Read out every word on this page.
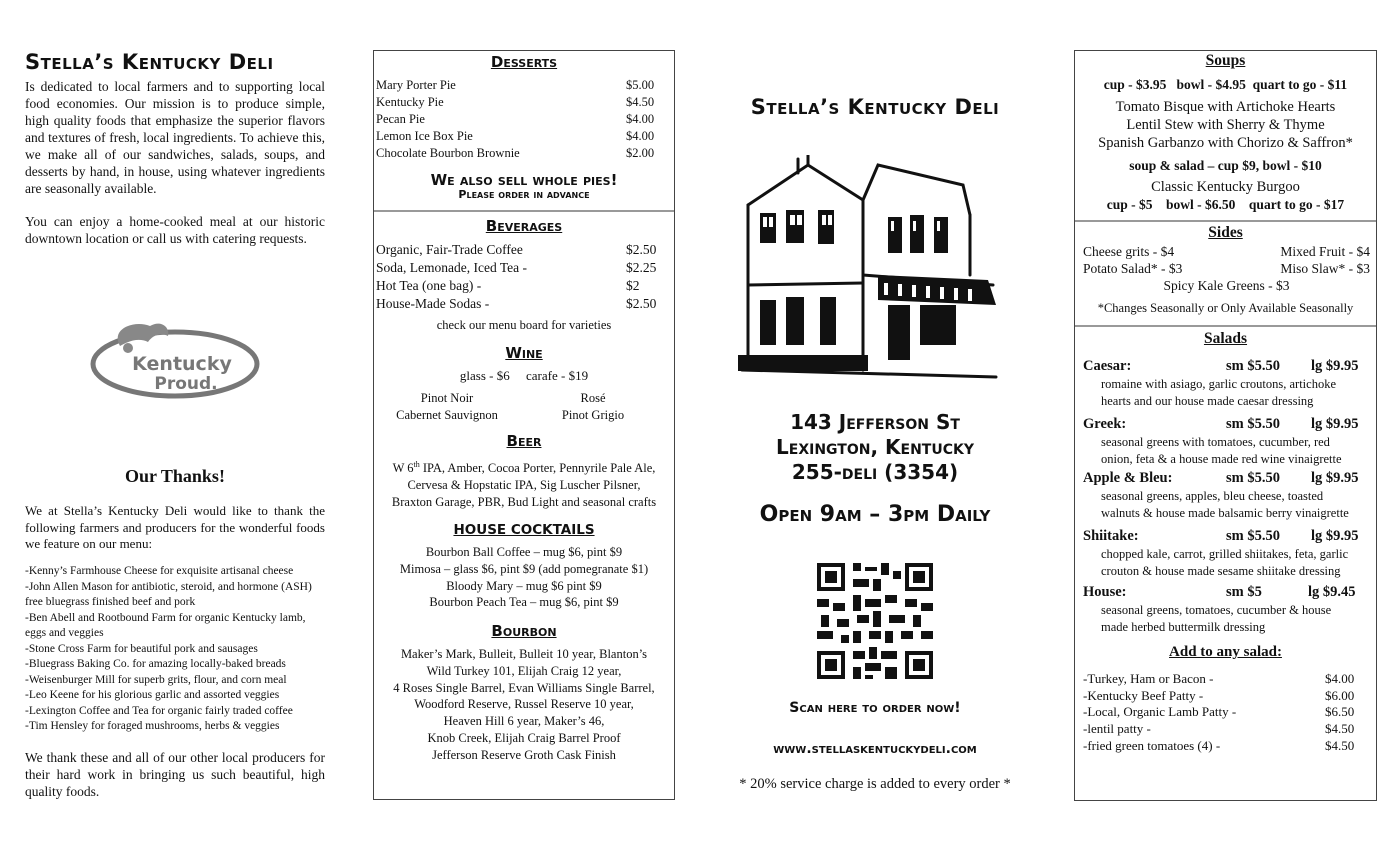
Stella’s Kentucky Deli

Is dedicated to local farmers and to supporting local food economies. Our mission is to produce simple, high quality foods that emphasize the superior flavors and textures of fresh, local ingredients. To achieve this, we make all of our sandwiches, salads, soups, and desserts by hand, in house, using whatever ingredients are seasonally available.

You can enjoy a home-cooked meal at our historic downtown location or call us with catering requests.

Kentucky
Proud.
Our Thanks!

We at Stella’s Kentucky Deli would like to thank the following farmers and producers for the wonderful foods we feature on our menu:

-Kenny’s Farmhouse Cheese for exquisite artisanal cheese
-John Allen Mason for antibiotic, steroid, and hormone (ASH) free bluegrass finished beef and pork
-Ben Abell and Rootbound Farm for organic Kentucky lamb, eggs and veggies
-Stone Cross Farm for beautiful pork and sausages
-Bluegrass Baking Co. for amazing locally-baked breads
-Weisenburger Mill for superb grits, flour, and corn meal
-Leo Keene for his glorious garlic and assorted veggies
-Lexington Coffee and Tea for organic fairly traded coffee
-Tim Hensley for foraged mushrooms, herbs & veggies

We thank these and all of our other local producers for their hard work in bringing us such beautiful, high quality foods.

Desserts
Mary Porter Pie	$5.00
Kentucky Pie	$4.50
Pecan Pie	$4.00
Lemon Ice Box Pie	$4.00
Chocolate Bourbon Brownie	$2.00
We also sell whole pies!
Please order in advance
Beverages
Organic, Fair-Trade Coffee	$2.50
Soda, Lemonade, Iced Tea -	$2.25
Hot Tea (one bag) -	$2
House-Made Sodas -	$2.50
check our menu board for varieties
Wine
glass - $6     carafe - $19
Pinot Noir	Rosé
Cabernet Sauvignon	Pinot Grigio
Beer
W 6th IPA, Amber, Cocoa Porter, Pennyrile Pale Ale,
Cervesa & Hopstatic IPA, Sig Luscher Pilsner,
Braxton Garage, PBR, Bud Light and seasonal crafts
HOUSE COCKTAILS
Bourbon Ball Coffee – mug $6, pint $9
Mimosa – glass $6, pint $9 (add pomegranate $1)
Bloody Mary – mug $6 pint $9
Bourbon Peach Tea – mug $6, pint $9
Bourbon
Maker’s Mark, Bulleit, Bulleit 10 year, Blanton’s
Wild Turkey 101, Elijah Craig 12 year,
4 Roses Single Barrel, Evan Williams Single Barrel,
Woodford Reserve, Russel Reserve 10 year,
Heaven Hill 6 year, Maker’s 46,
Knob Creek, Elijah Craig Barrel Proof
Jefferson Reserve Groth Cask Finish
Stella’s Kentucky Deli
143 Jefferson St
Lexington, Kentucky
255-deli (3354)
Open 9am – 3pm Daily
Scan here to order now!
www.stellaskentuckydeli.com
* 20% service charge is added to every order *
Soups
cup - $3.95   bowl - $4.95  quart to go - $11
Tomato Bisque with Artichoke Hearts
Lentil Stew with Sherry & Thyme
Spanish Garbanzo with Chorizo & Saffron*
soup & salad – cup $9, bowl - $10
Classic Kentucky Burgoo
cup - $5    bowl - $6.50    quart to go - $17
Sides
Cheese grits - $4	Mixed Fruit - $4
Potato Salad* - $3	Miso Slaw* - $3
Spicy Kale Greens - $3
*Changes Seasonally or Only Available Seasonally
Salads
Caesar:	sm $5.50	lg $9.95
romaine with asiago, garlic croutons, artichoke
hearts and our house made caesar dressing
Greek:	sm $5.50	lg $9.95
seasonal greens with tomatoes, cucumber, red
onion, feta & a house made red wine vinaigrette
Apple & Bleu:	sm $5.50	lg $9.95
seasonal greens, apples, bleu cheese, toasted
walnuts & house made balsamic berry vinaigrette
Shiitake:	sm $5.50	lg $9.95
chopped kale, carrot, grilled shiitakes, feta, garlic
crouton & house made sesame shiitake dressing
House:	sm $5	lg $9.45
seasonal greens, tomatoes, cucumber & house
made herbed buttermilk dressing
Add to any salad:
-Turkey, Ham or Bacon -	$4.00
-Kentucky Beef Patty -	$6.00
-Local, Organic Lamb Patty -	$6.50
-lentil patty -	$4.50
-fried green tomatoes (4) -	$4.50
